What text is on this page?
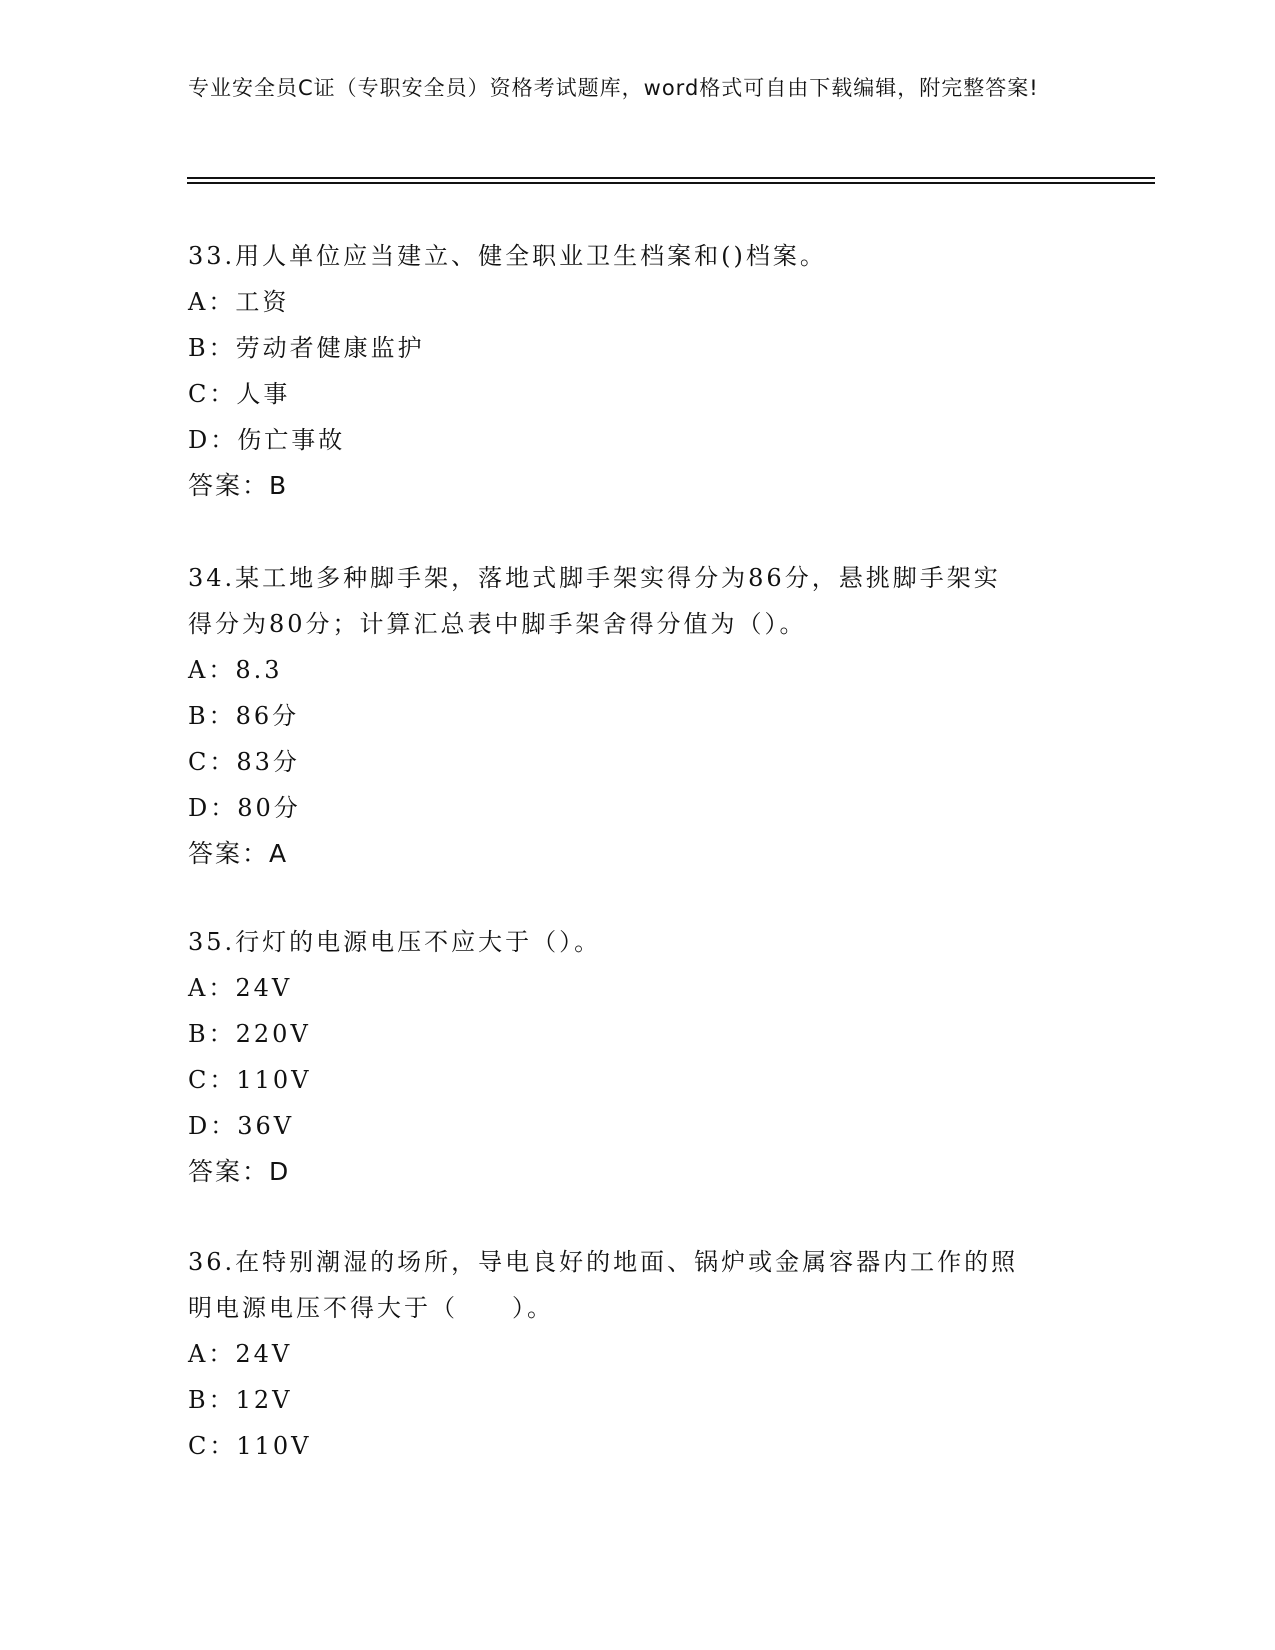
专业安全员C证（专职安全员）资格考试题库，word格式可自由下载编辑，附完整答案!

33.用人单位应当建立、健全职业卫生档案和()档案。

A：工资

B：劳动者健康监护

C：人事

D：伤亡事故

答案：B

34.某工地多种脚手架，落地式脚手架实得分为86分，悬挑脚手架实

得分为80分；计算汇总表中脚手架舍得分值为（）。

A：8.3

B：86分

C：83分

D：80分

答案：A

35.行灯的电源电压不应大于（）。

A：24V

B：220V

C：110V

D：36V

答案：D

36.在特别潮湿的场所，导电良好的地面、锅炉或金属容器内工作的照

明电源电压不得大于（　　）。

A：24V

B：12V

C：110V
